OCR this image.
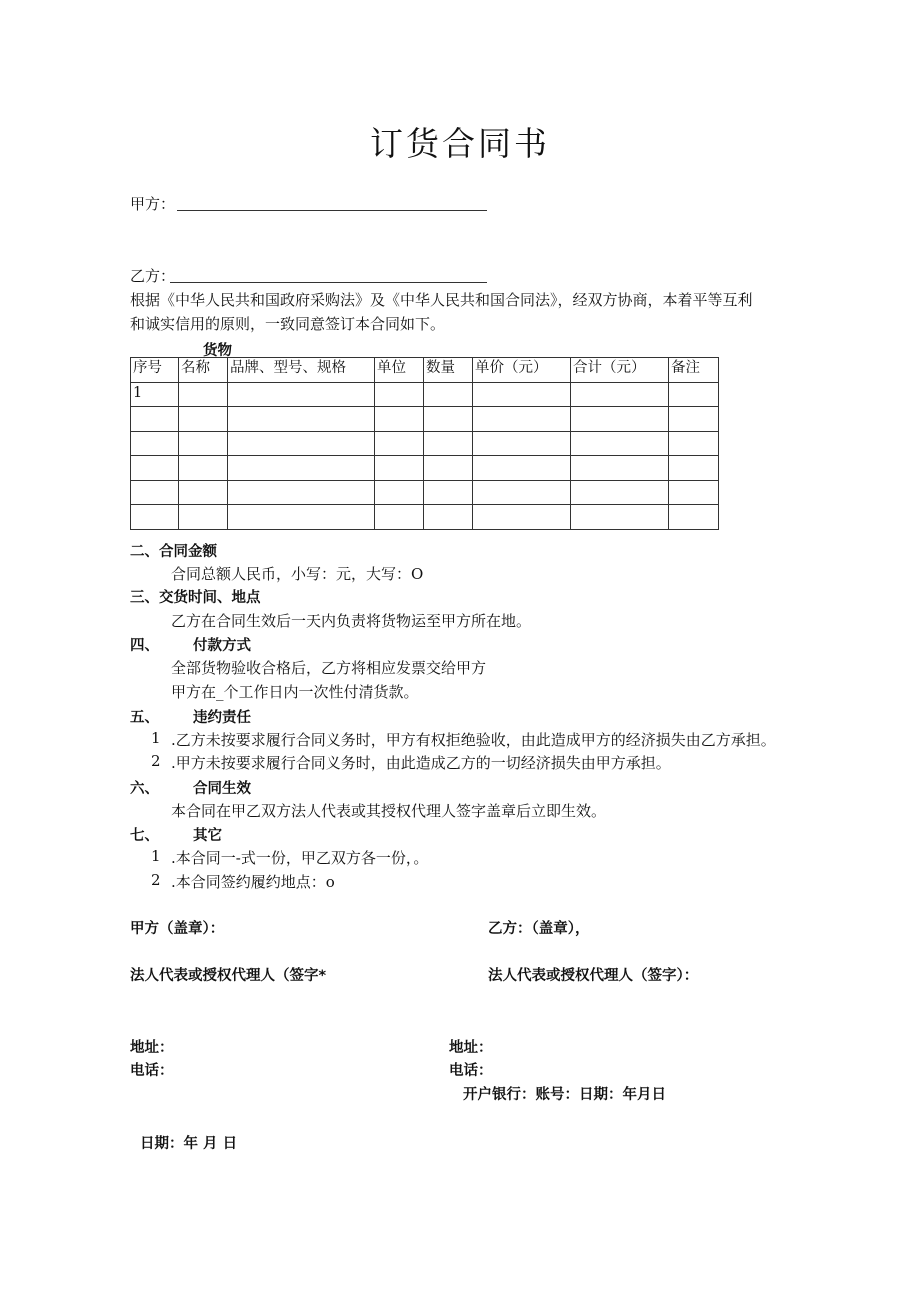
订货合同书
甲方：
乙方：
根据《中华人民共和国政府采购法》及《中华人民共和国合同法》，经双方协商，本着平等互利
和诚实信用的原则，一致同意签订本合同如下。
货物
序号	名称	品牌、型号、规格	单位	数量	单价（元）	合计（元）	备注
1							

二、合同金额
合同总额人民币，小写：元，大写：O
三、交货时间、地点
乙方在合同生效后一天内负责将货物运至甲方所在地。
四、 付款方式
全部货物验收合格后，乙方将相应发票交给甲方
甲方在_个工作日内一次性付清货款。
五、 违约责任
1 .乙方未按要求履行合同义务时，甲方有权拒绝验收，由此造成甲方的经济损失由乙方承担。
2 .甲方未按要求履行合同义务时，由此造成乙方的一切经济损失由甲方承担。
六、 合同生效
本合同在甲乙双方法人代表或其授权代理人签字盖章后立即生效。
七、 其它
1 .本合同一-式一份，甲乙双方各一份，。
2 .本合同签约履约地点：o
甲方（盖章）：	乙方：（盖章），
法人代表或授权代理人（签字*	法人代表或授权代理人（签字）：
地址：	地址：
电话：	电话：
开户银行：账号：日期：年月日
日期：年 月 日
